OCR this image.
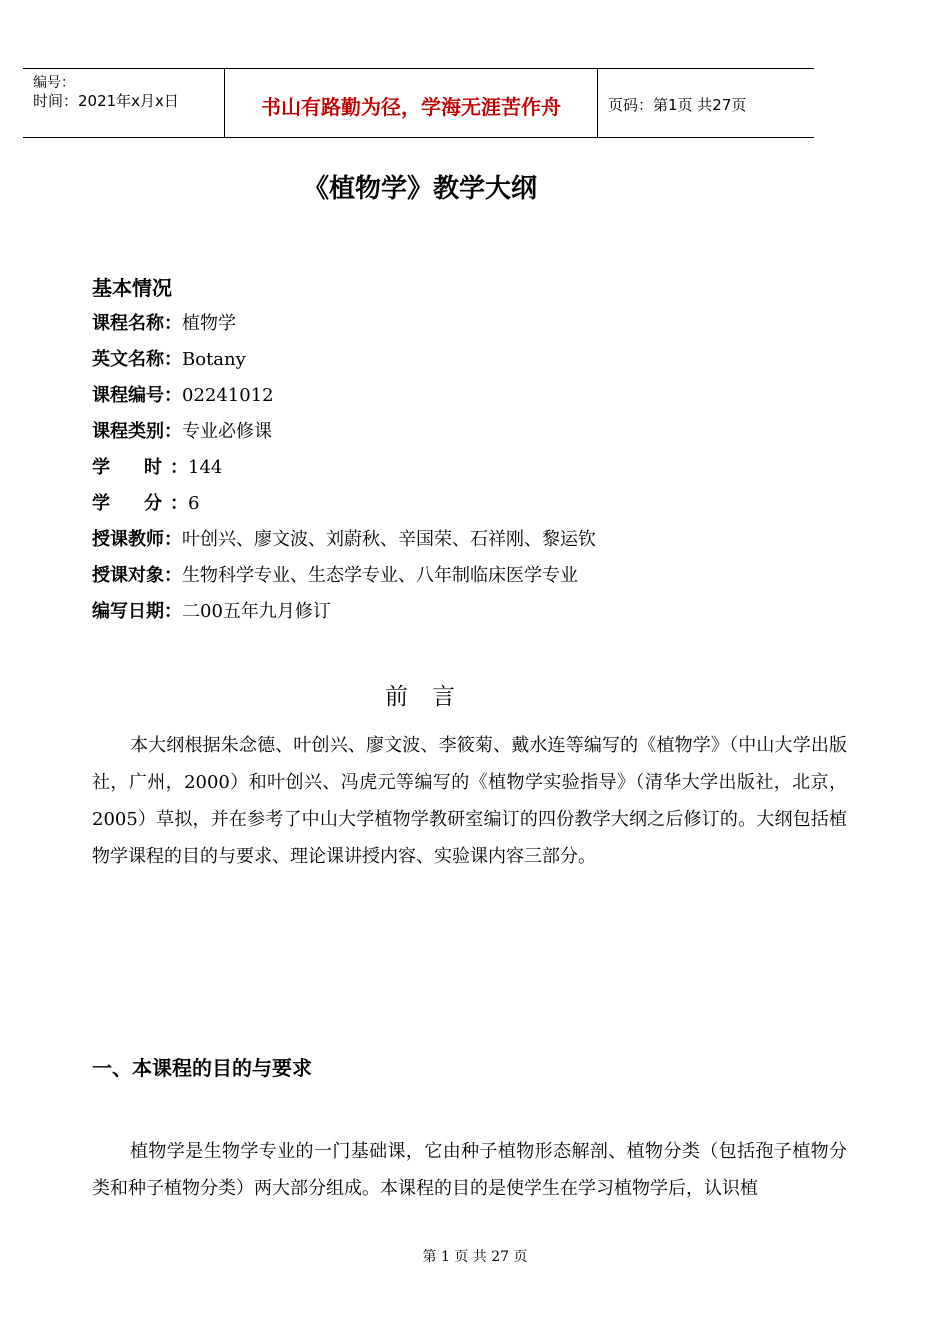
编号：
时间：2021年x月x日	书山有路勤为径，学海无涯苦作舟	页码：第1页 共27页
《植物学》教学大纲
基本情况
课程名称：植物学
英文名称：Botany
课程编号：02241012
课程类别：专业必修课
学　时：144
学　分：6
授课教师：叶创兴、廖文波、刘蔚秋、辛国荣、石祥刚、黎运钦
授课对象：生物科学专业、生态学专业、八年制临床医学专业
编写日期：二00五年九月修订
前言
本大纲根据朱念德、叶创兴、廖文波、李筱菊、戴水连等编写的《植物学》（中山大学出版社，广州，2000）和叶创兴、冯虎元等编写的《植物学实验指导》（清华大学出版社，北京，2005）草拟，并在参考了中山大学植物学教研室编订的四份教学大纲之后修订的。大纲包括植物学课程的目的与要求、理论课讲授内容、实验课内容三部分。
一、本课程的目的与要求
植物学是生物学专业的一门基础课，它由种子植物形态解剖、植物分类（包括孢子植物分类和种子植物分类）两大部分组成。本课程的目的是使学生在学习植物学后，认识植
第 1 页 共 27 页
